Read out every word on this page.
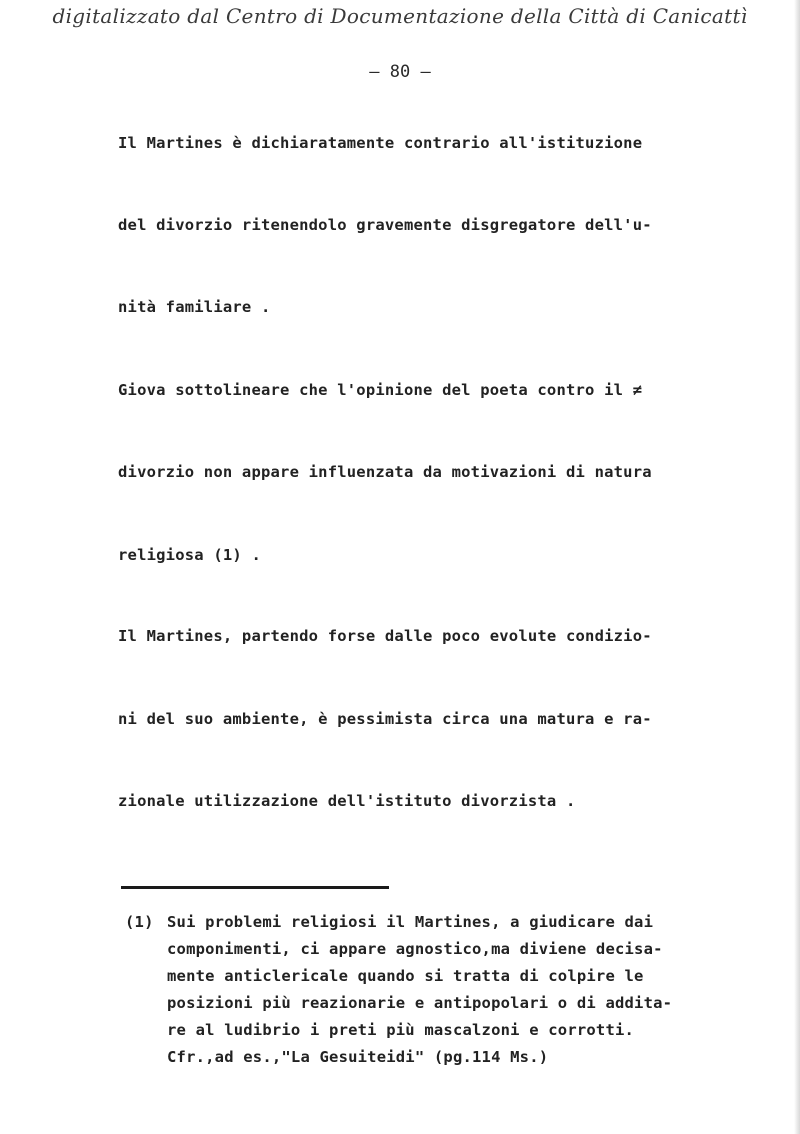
digitalizzato dal Centro di Documentazione della Città di Canicattì
– 80 –
Il Martines è dichiaratamente contrario all'istituzione
del divorzio ritenendolo gravemente disgregatore dell'u-
nità familiare .
Giova sottolineare che l'opinione del poeta contro il ≠
divorzio non appare influenzata da motivazioni di natura
religiosa (1) .
Il Martines, partendo forse dalle poco evolute condizio-
ni del suo ambiente, è pessimista circa una matura e ra-
zionale utilizzazione dell'istituto divorzista .
(1) Sui problemi religiosi il Martines, a giudicare dai
componimenti, ci appare agnostico,ma diviene decisa-
mente anticlericale quando si tratta di colpire le
posizioni più reazionarie e antipopolari o di addita-
re al ludibrio i preti più mascalzoni e corrotti.
Cfr.,ad es.,"La Gesuiteidi" (pg.114 Ms.)
